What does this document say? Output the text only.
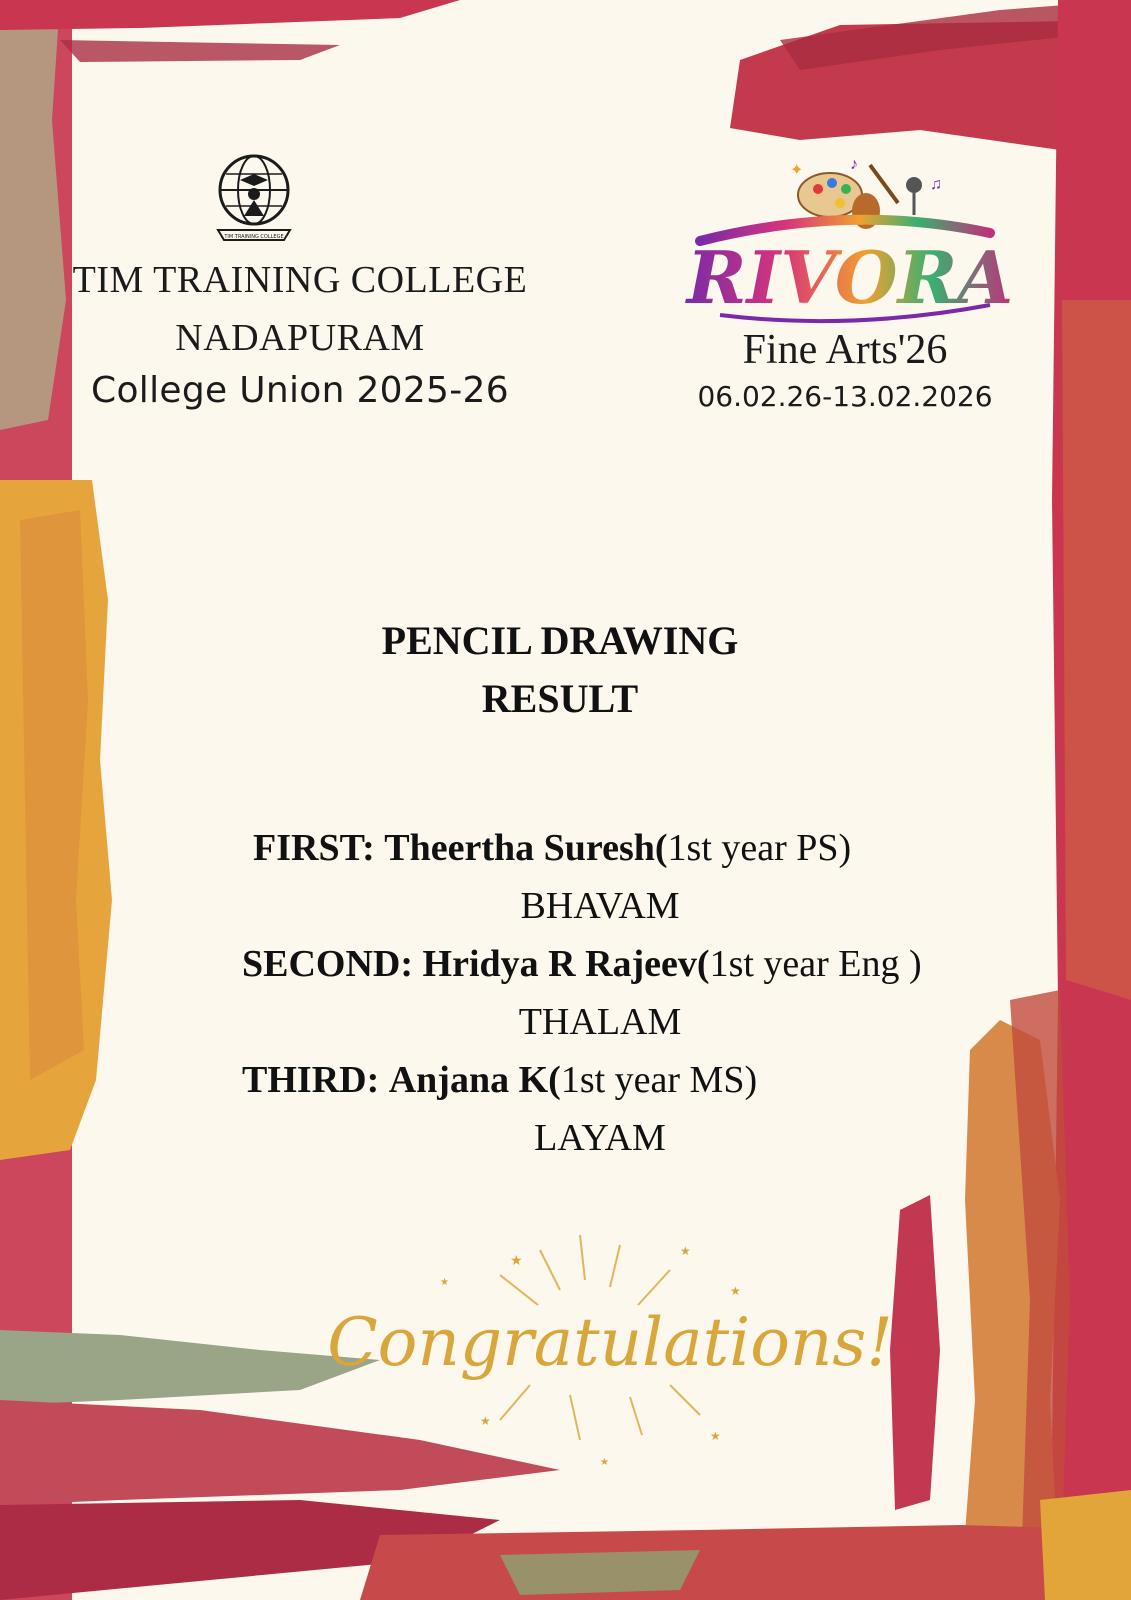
TIM TRAINING COLLEGE
TIM TRAINING COLLEGE
NADAPURAM
College Union 2025-26
♪
♫
✦
RIVORA
Fine Arts'26
06.02.26-13.02.2026
PENCIL DRAWING
RESULT
FIRST: Theertha Suresh(1st year PS)
BHAVAM
SECOND: Hridya R Rajeev(1st year Eng )
THALAM
THIRD: Anjana K(1st year MS)
LAYAM
★
★
★
★
★
★
★
Congratulations!
